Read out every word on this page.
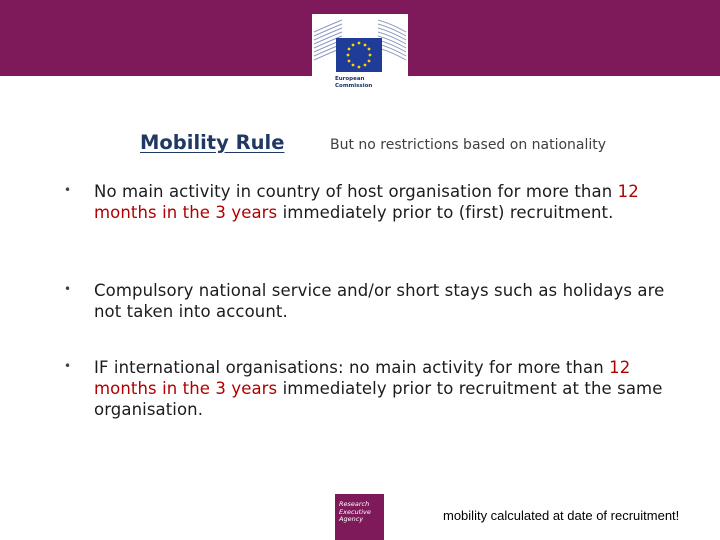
European
Commission
Mobility Rule	But no restrictions based on nationality
• No main activity in country of host organisation for more than 12 months in the 3 years immediately prior to (first) recruitment.
• Compulsory national service and/or short stays such as holidays are not taken into account.
• IF international organisations: no main activity for more than 12 months in the 3 years immediately prior to recruitment at the same organisation.
Research
Executive
Agency	mobility calculated at date of recruitment!
